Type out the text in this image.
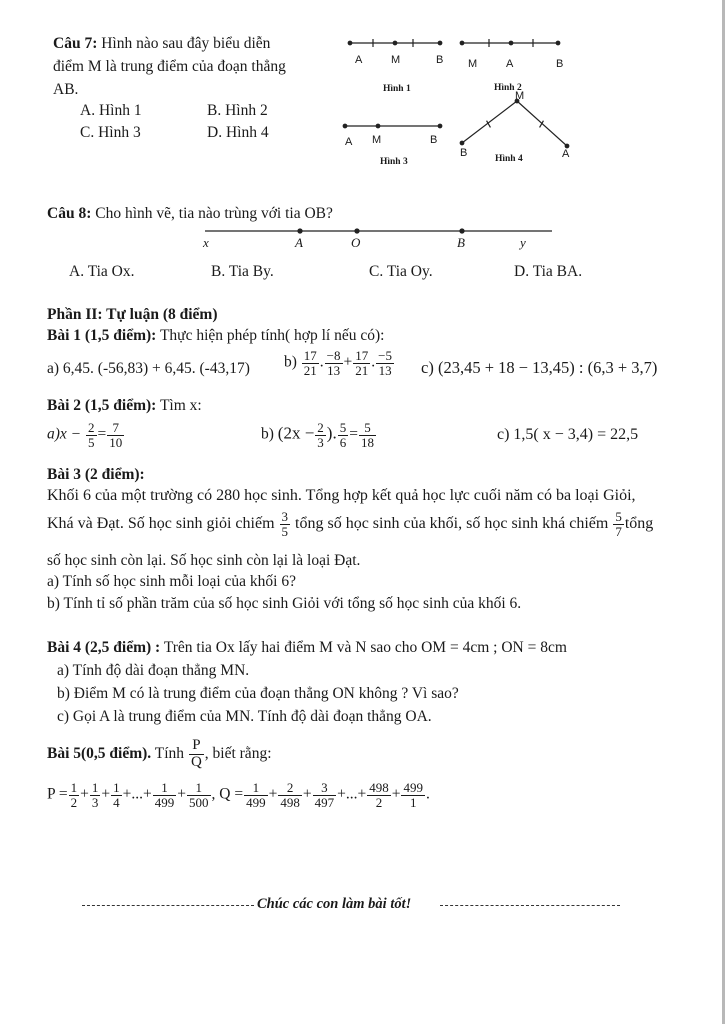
Câu 7: Hình nào sau đây biểu diễn
điểm M là trung điểm của đoạn thẳng
AB.
A. Hình 1	B. Hình 2
C. Hình 3	D. Hình 4
A	M	B
Hình 1
M	A	B
Hình 2
A M	B
Hình 3
M
B	A
Hình 4
Câu 8: Cho hình vẽ, tia nào trùng với tia OB?
x	A	O	B	y
A. Tia Ox.	B. Tia By.	C. Tia Oy.	D. Tia BA.
Phần II: Tự luận (8 điểm)
Bài 1 (1,5 điểm): Thực hiện phép tính( hợp lí nếu có):
a) 6,45. (-56,83) + 6,45. (-43,17) $b) \frac{17}{21}$ . $\frac{-8}{13} + \frac{17}{21}$ . $\frac{-5}{13} c$) (23,45 + 18 − 13,45) : (6,3 + 3,7)
Bài 2 (1,5 điểm): Tìm x:
$a)x - \frac{2}{5} = \frac{7}{10}$	b) ($2x - \frac{2}{3}$ ). $\frac{5}{6} = \frac{5}{18}$	c) 1,5( x − 3,4) = 22,5
Bài 3 (2 điểm):
Khối 6 của một trường có 280 học sinh. Tổng hợp kết quả học lực cuối năm có ba loại Giỏi,
Khá và Đạt. Số học sinh giỏi chiếm $\frac{3}{5}$ tổng số học sinh của khối, số học sinh khá chiếm $\frac{5}{7}$ tổng
số học sinh còn lại. Số học sinh còn lại là loại Đạt.
a) Tính số học sinh mỗi loại của khối 6?
b) Tính tỉ số phần trăm của số học sinh Giỏi với tổng số học sinh của khối 6.
Bài 4 (2,5 điểm) : Trên tia Ox lấy hai điểm M và N sao cho OM = 4cm ; ON = 8cm
a) Tính độ dài đoạn thẳng MN.
b) Điểm M có là trung điểm của đoạn thẳng ON không ? Vì sao?
c) Gọi A là trung điểm của MN. Tính độ dài đoạn thẳng OA.
Bài 5(0,5 điểm). Tính $\frac{P}{Q}$ , biết rằng:
$P = \frac{1}{2} + \frac{1}{3} + \frac{1}{4}$ +...+ $\frac{1}{499} + \frac{1}{500}$ , $Q = \frac{1}{499} + \frac{2}{498} + \frac{3}{497}$ +...+ $\frac{498}{2} + \frac{499}{1}$ .
Chúc các con làm bài tốt!
